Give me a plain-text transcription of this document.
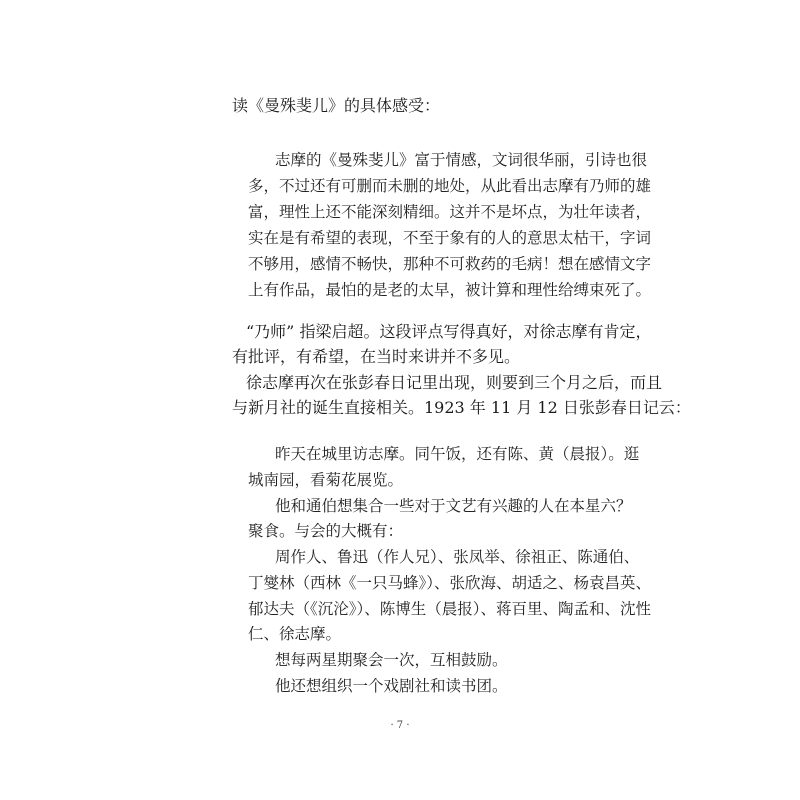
读《曼殊斐儿》的具体感受：
志摩的《曼殊斐儿》富于情感，文词很华丽，引诗也很
多，不过还有可删而未删的地处，从此看出志摩有乃师的雄
富，理性上还不能深刻精细。这并不是坏点，为壮年读者，
实在是有希望的表现，不至于象有的人的意思太枯干，字词
不够用，感情不畅快，那种不可救药的毛病！想在感情文字
上有作品，最怕的是老的太早，被计算和理性给缚束死了。
“乃师” 指梁启超。这段评点写得真好，对徐志摩有肯定，
有批评，有希望，在当时来讲并不多见。
徐志摩再次在张彭春日记里出现，则要到三个月之后，而且
与新月社的诞生直接相关。1923 年 11 月 12 日张彭春日记云：
昨天在城里访志摩。同午饭，还有陈、黄（晨报）。逛
城南园，看菊花展览。
他和通伯想集合一些对于文艺有兴趣的人在本星六？
聚食。与会的大概有：
周作人、鲁迅（作人兄）、张凤举、徐祖正、陈通伯、
丁燮林（西林《一只马蜂》）、张欣海、胡适之、杨袁昌英、
郁达夫（《沉沦》）、陈博生（晨报）、蒋百里、陶孟和、沈性
仁、徐志摩。
想每两星期聚会一次，互相鼓励。
他还想组织一个戏剧社和读书团。
· 7 ·
